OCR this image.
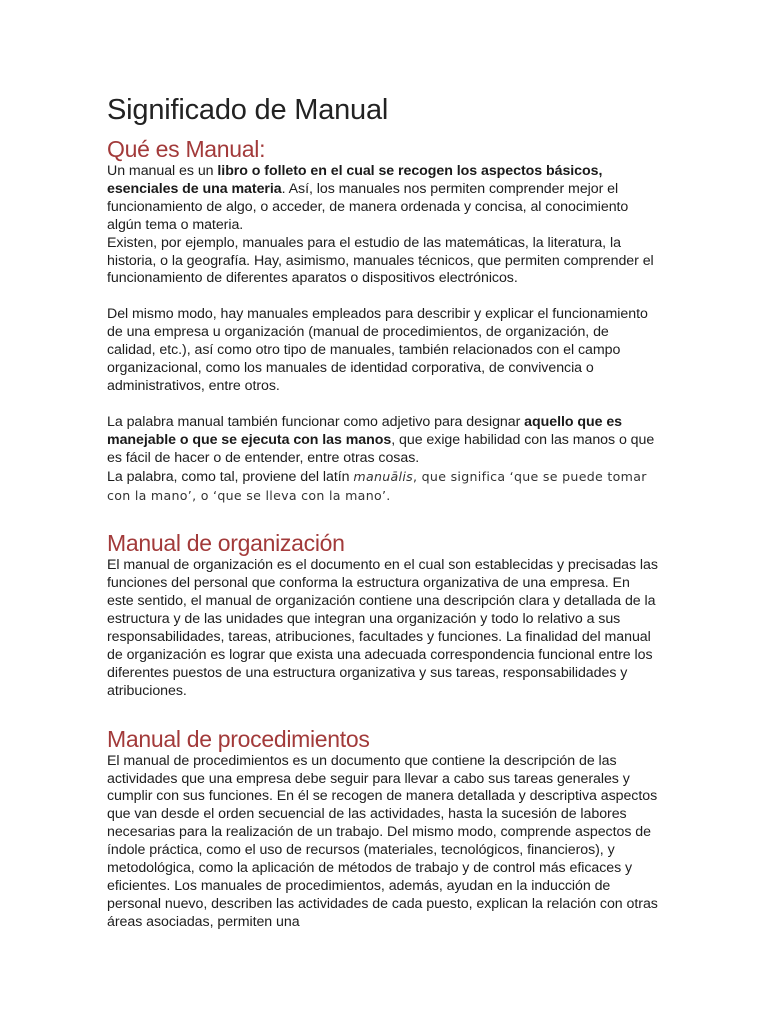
Significado de Manual
Qué es Manual:

Un manual es un libro o folleto en el cual se recogen los aspectos básicos, esenciales de una materia. Así, los manuales nos permiten comprender mejor el funcionamiento de algo, o acceder, de manera ordenada y concisa, al conocimiento algún tema o materia.

Existen, por ejemplo, manuales para el estudio de las matemáticas, la literatura, la historia, o la geografía. Hay, asimismo, manuales técnicos, que permiten comprender el funcionamiento de diferentes aparatos o dispositivos electrónicos.

Del mismo modo, hay manuales empleados para describir y explicar el funcionamiento de una empresa u organización (manual de procedimientos, de organización, de calidad, etc.), así como otro tipo de manuales, también relacionados con el campo organizacional, como los manuales de identidad corporativa, de convivencia o administrativos, entre otros.

La palabra manual también funcionar como adjetivo para designar aquello que es manejable o que se ejecuta con las manos, que exige habilidad con las manos o que es fácil de hacer o de entender, entre otras cosas.

La palabra, como tal, proviene del latín manuālis, que significa ‘que se puede tomar con la mano’, o ‘que se lleva con la mano’.

Manual de organización

El manual de organización es el documento en el cual son establecidas y precisadas las funciones del personal que conforma la estructura organizativa de una empresa. En este sentido, el manual de organización contiene una descripción clara y detallada de la estructura y de las unidades que integran una organización y todo lo relativo a sus responsabilidades, tareas, atribuciones, facultades y funciones. La finalidad del manual de organización es lograr que exista una adecuada correspondencia funcional entre los diferentes puestos de una estructura organizativa y sus tareas, responsabilidades y atribuciones.

Manual de procedimientos

El manual de procedimientos es un documento que contiene la descripción de las actividades que una empresa debe seguir para llevar a cabo sus tareas generales y cumplir con sus funciones. En él se recogen de manera detallada y descriptiva aspectos que van desde el orden secuencial de las actividades, hasta la sucesión de labores necesarias para la realización de un trabajo. Del mismo modo, comprende aspectos de índole práctica, como el uso de recursos (materiales, tecnológicos, financieros), y metodológica, como la aplicación de métodos de trabajo y de control más eficaces y eficientes. Los manuales de procedimientos, además, ayudan en la inducción de personal nuevo, describen las actividades de cada puesto, explican la relación con otras áreas asociadas, permiten una
